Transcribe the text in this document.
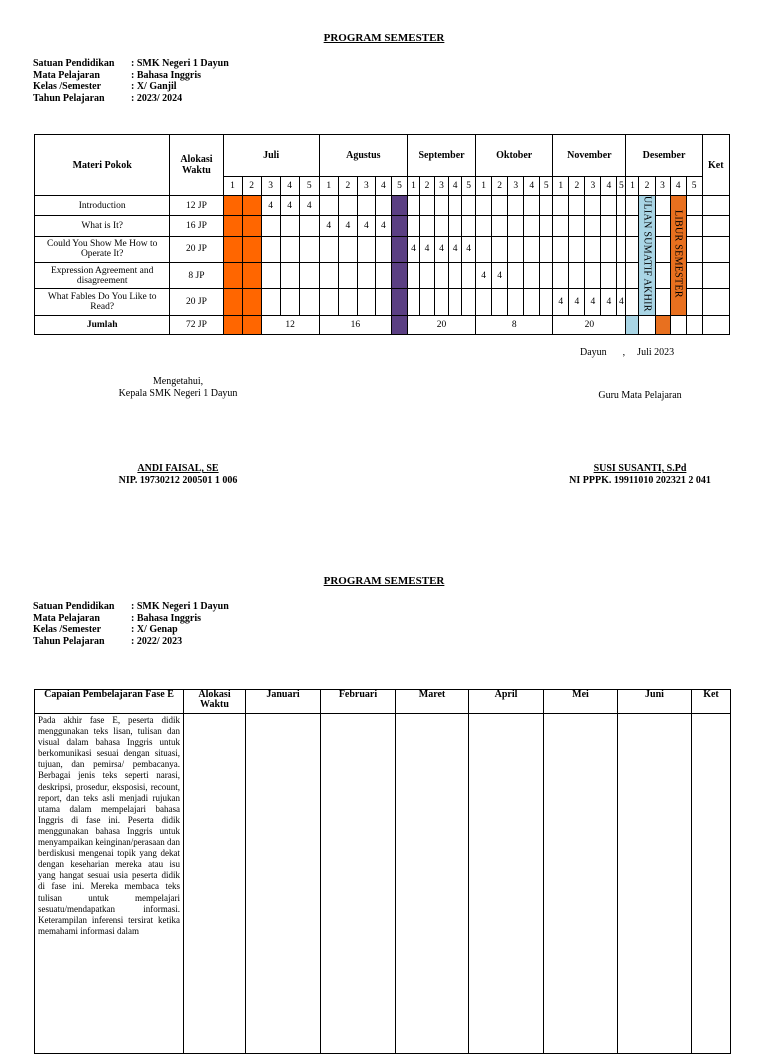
PROGRAM SEMESTER
Satuan Pendidikan : SMK Negeri 1 Dayun
Mata Pelajaran	: Bahasa Inggris
Kelas /Semester	: X/ Ganjil
Tahun Pelajaran	: 2023/ 2024
Materi Pokok	Alokasi Waktu	Juli					Agustus					September					Oktober					November					Desember					Ket
		1	2	3	4	5	1	2	3	4	5	1	2	3	4	5	1	2	3	4	5	1	2	3	4	5	1	2	3	4	5	
Introduction	12 JP			4	4	4																						ULIAN SUMATIF AKHIR		LIBUR SEMESTER		
What is It?	16 JP						4	4	4	4																						
Could You Show Me How to Operate It?	20 JP											4	4	4	4	4																
Expression Agreement and disagreement	8 JP																4	4														
What Fables Do You Like to Read?	20 JP																					4	4	4	4	4						
Jumlah	72 JP			12			16					20					8					20										
Dayun , Juli 2023
Mengetahui,
Kepala SMK Negeri 1 Dayun	Guru Mata Pelajaran
ANDI FAISAL, SE
NIP. 19730212 200501 1 006
SUSI SUSANTI, S.Pd
NI PPPK. 19911010 202321 2 041
PROGRAM SEMESTER
Satuan Pendidikan : SMK Negeri 1 Dayun
Mata Pelajaran	: Bahasa Inggris
Kelas /Semester	: X/ Genap
Tahun Pelajaran	: 2022/ 2023
Capaian Pembelajaran Fase E	Alokasi Waktu	Januari	Februari	Maret	April	Mei	Juni	Ket
Pada akhir fase E, peserta didik menggunakan teks lisan, tulisan dan visual dalam bahasa Inggris untuk berkomunikasi sesuai dengan situasi, tujuan, dan pemirsa/ pembacanya. Berbagai jenis teks seperti narasi, deskripsi, prosedur, eksposisi, recount, report, dan teks asli menjadi rujukan utama dalam mempelajari bahasa Inggris di fase ini. Peserta didik menggunakan bahasa Inggris untuk menyampaikan keinginan/perasaan dan berdiskusi mengenai topik yang dekat dengan keseharian mereka atau isu yang hangat sesuai usia peserta didik di fase ini. Mereka membaca teks tulisan untuk mempelajari sesuatu/mendapatkan informasi. Keterampilan inferensi tersirat ketika memahami informasi dalam								
